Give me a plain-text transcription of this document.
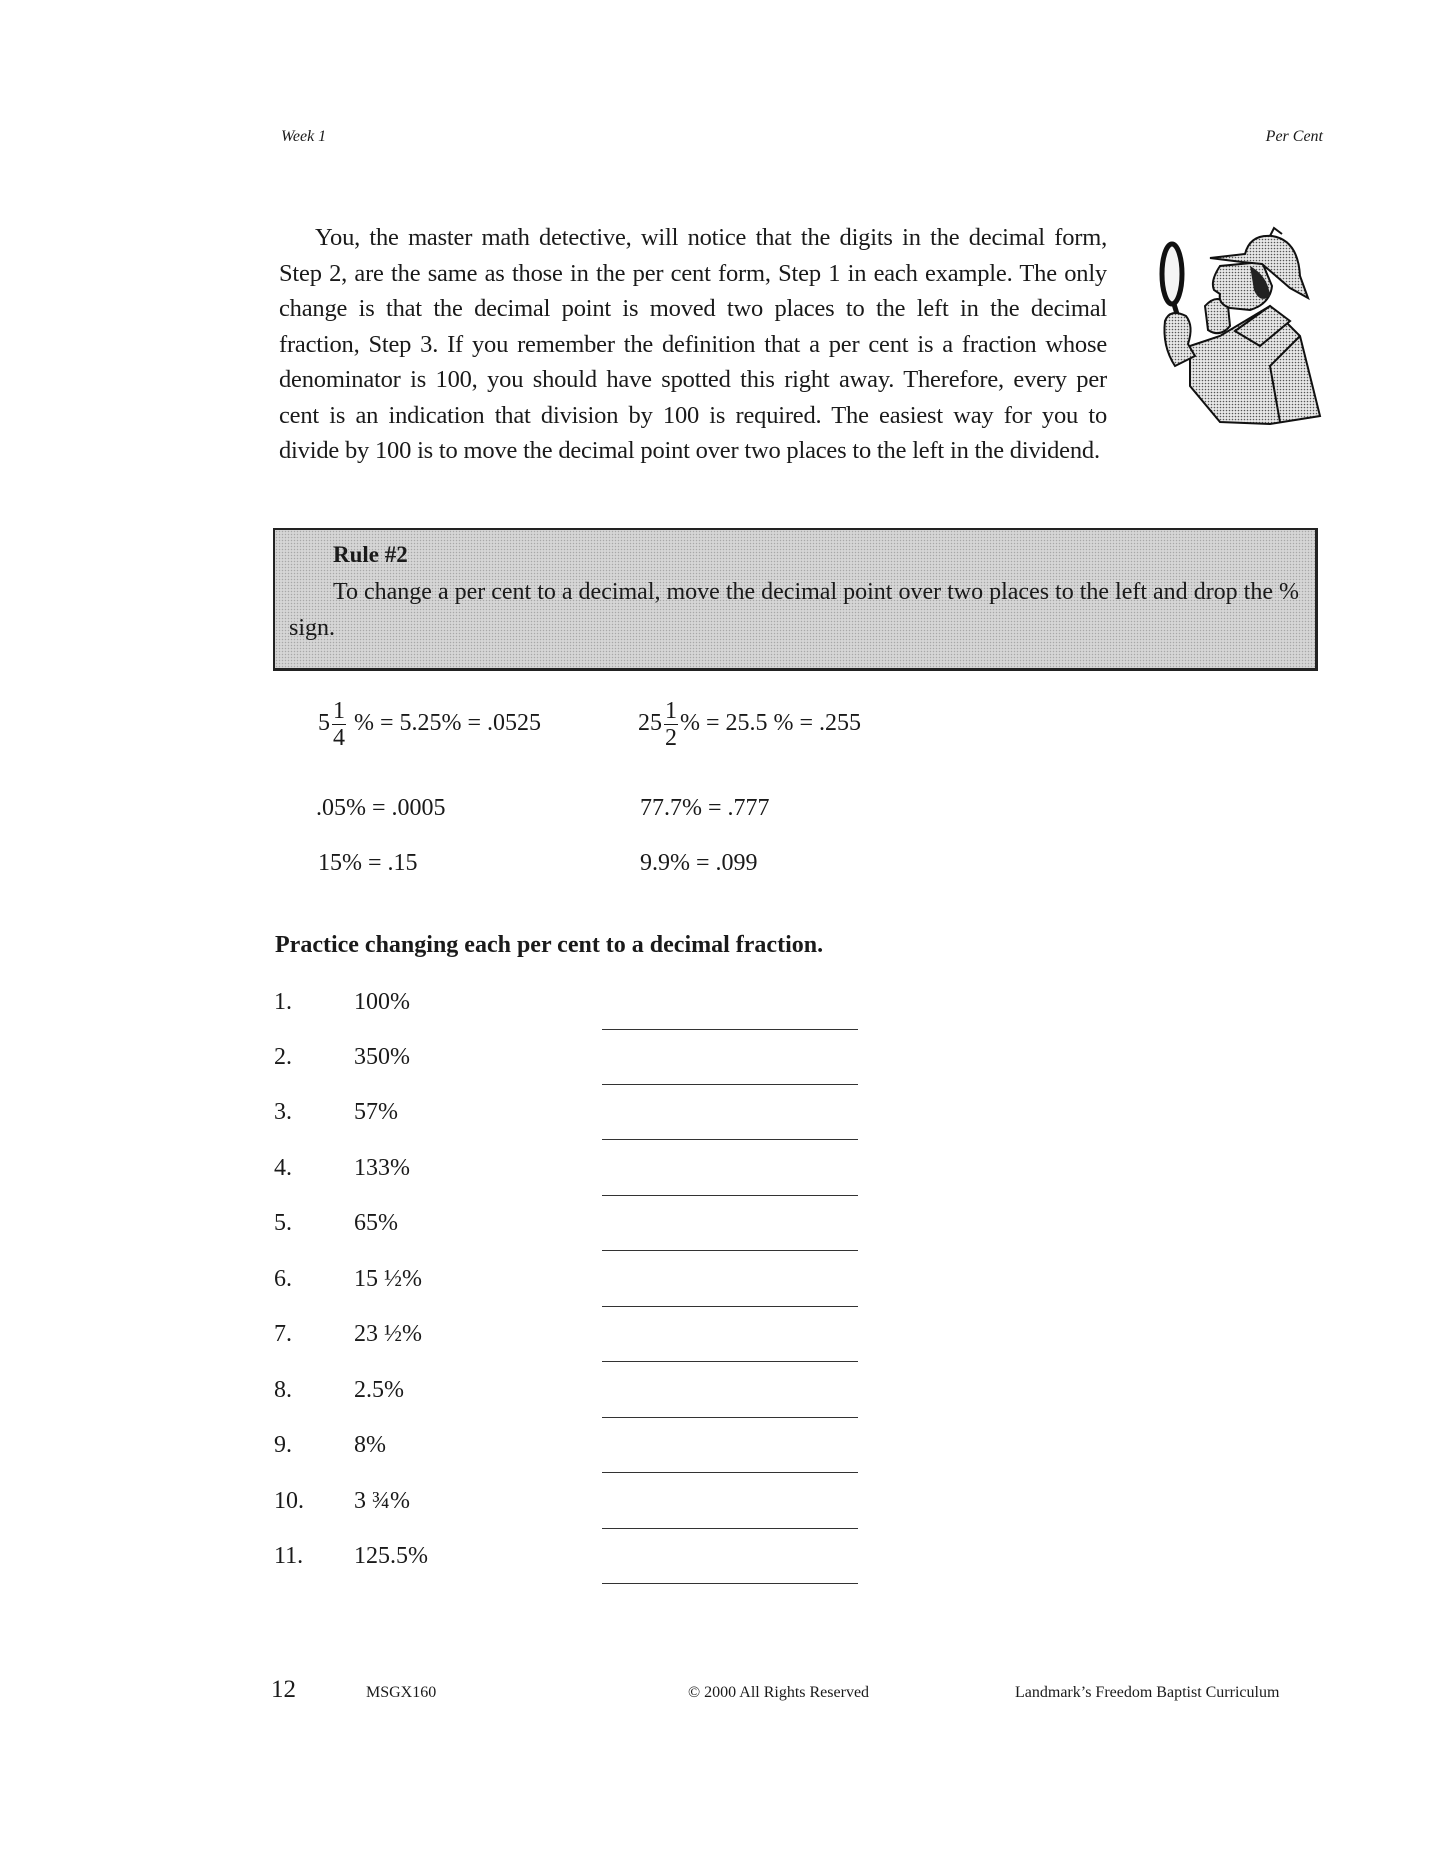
Week 1	Per Cent

You, the master math detective, will notice that the digits in the decimal form, Step 2, are the same as those in the per cent form, Step 1 in each example. The only change is that the decimal point is moved two places to the left in the decimal fraction, Step 3. If you remember the definition that a per cent is a fraction whose denominator is 100, you should have spotted this right away. Therefore, every per cent is an indication that division by 100 is required. The easiest way for you to divide by 100 is to move the decimal point over two places to the left in the dividend.

Rule #2
To change a per cent to a decimal, move the decimal point over two places to the left and drop the % sign.
$5 \frac{1}{4}$ % = 5.25% = .0525	$25 \frac{1}{2}$ % = 25.5 % = .255
.05% = .0005	77.7% = .777
15% = .15	9.9% = .099
Practice changing each per cent to a decimal fraction.
1.	100%
2.	350%
3.	57%
4.	133%
5.	65%
6.	15 ½%
7.	23 ½%
8.	2.5%
9.	8%
10. 3 ¾%
11. 125.5%
12	MSGX160	© 2000 All Rights Reserved	Landmark’s Freedom Baptist Curriculum
